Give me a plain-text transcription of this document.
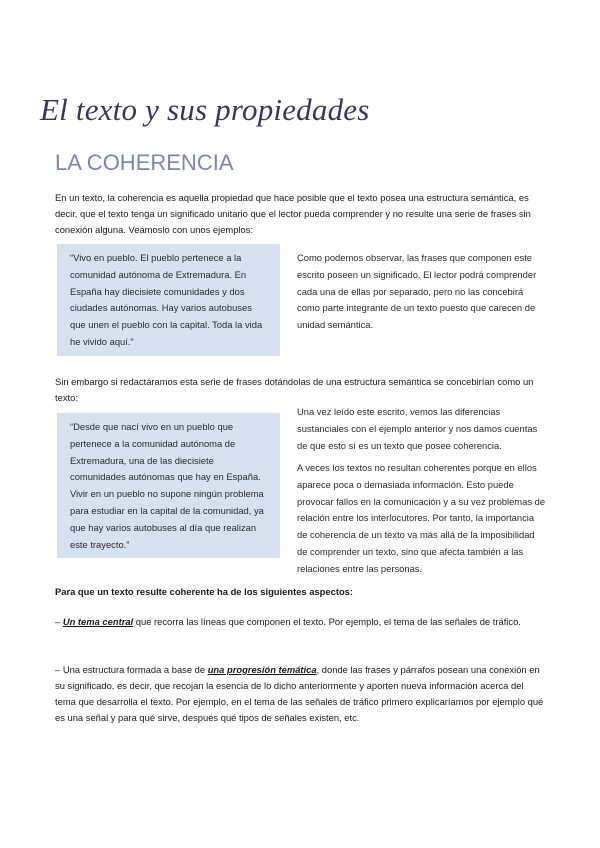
El texto y sus propiedades
LA COHERENCIA
En un texto, la coherencia es aquella propiedad que hace posible que el texto posea una estructura semántica, es decir, que el texto tenga un significado unitario que el lector pueda comprender y no resulte una serie de frases sin conexión alguna. Veámoslo con unos ejemplos:
“Vivo en pueblo. El pueblo pertenece a la comunidad autónoma de Extremadura. En España hay diecisiete comunidades y dos ciudades autónomas. Hay varios autobuses que unen el pueblo con la capital. Toda la vida he vivido aquí.”
Como podemos observar, las frases que componen este escrito poseen un significado. El lector podrá comprender cada una de ellas por separado, pero no las concebirá como parte integrante de un texto puesto que carecen de unidad semántica.
Sin embargo si redactáramos esta serie de frases dotándolas de una estructura semántica se concebirían como un texto:
“Desde que nací vivo en un pueblo que pertenece a la comunidad autónoma de Extremadura, una de las diecisiete comunidades autónomas que hay en España. Vivir en un pueblo no supone ningún problema para estudiar en la capital de la comunidad, ya que hay varios autobuses al día que realizan este trayecto.”
Una vez leído este escrito, vemos las diferencias sustanciales con el ejemplo anterior y nos damos cuentas de que esto sí es un texto que posee coherencia.
A veces los textos no resultan coherentes porque en ellos aparece poca o demasiada información. Esto puede provocar fallos en la comunicación y a su vez problemas de relación entre los interlocutores. Por tanto, la importancia de coherencia de un texto va más allá de la imposibilidad de comprender un texto, sino que afecta también a las relaciones entre las personas.
Para que un texto resulte coherente ha de los siguientes aspectos:
– Un tema central que recorra las líneas que componen el texto. Por ejemplo, el tema de las señales de tráfico.
– Una estructura formada a base de una progresión temática, donde las frases y párrafos posean una conexión en su significado, es decir, que recojan la esencia de lo dicho anteriormente y aporten nueva información acerca del tema que desarrolla el texto. Por ejemplo, en el tema de las señales de tráfico primero explicaríamos por ejemplo qué es una señal y para qué sirve, después qué tipos de señales existen, etc.
